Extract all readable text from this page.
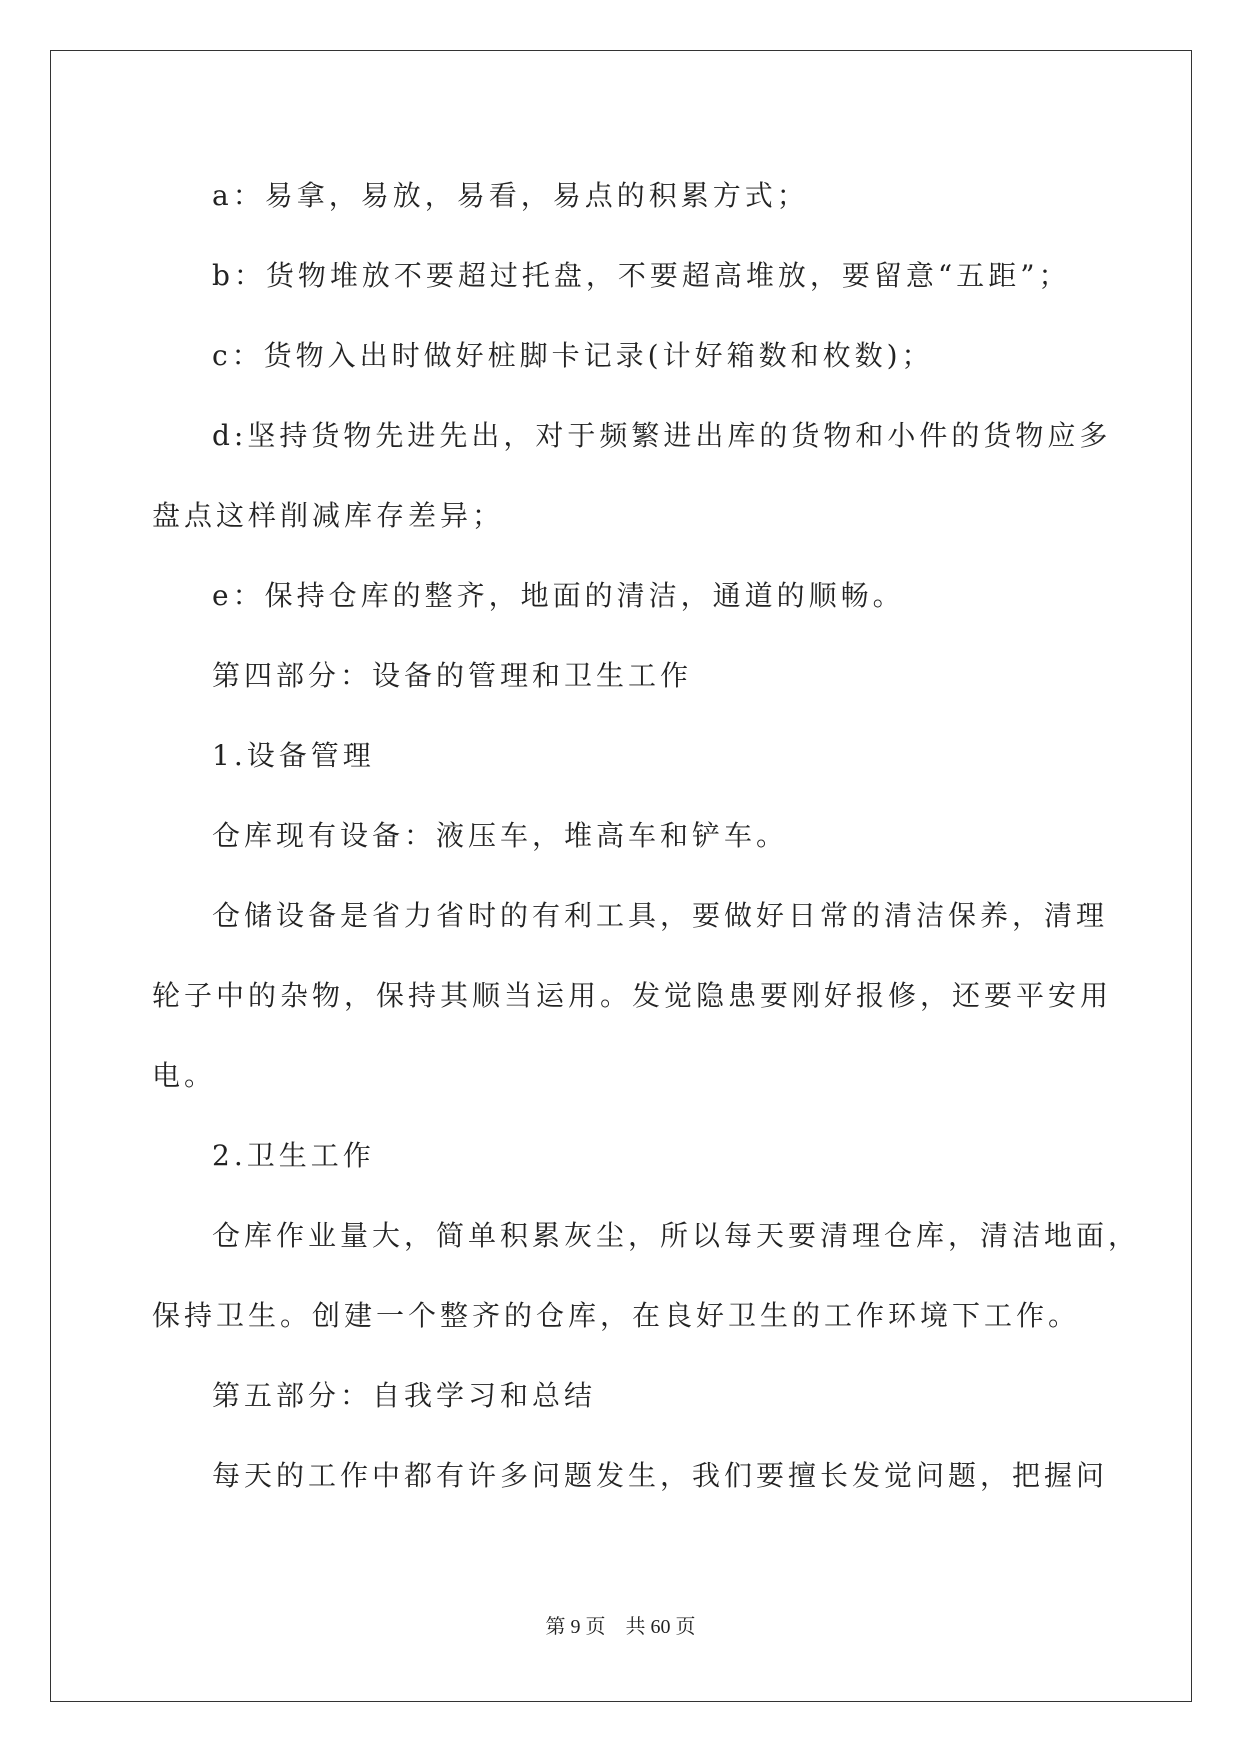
a：易拿，易放，易看，易点的积累方式；
b：货物堆放不要超过托盘，不要超高堆放，要留意“五距”；
c：货物入出时做好桩脚卡记录(计好箱数和枚数)；
d:坚持货物先进先出，对于频繁进出库的货物和小件的货物应多
盘点这样削减库存差异；
e：保持仓库的整齐，地面的清洁，通道的顺畅。
第四部分：设备的管理和卫生工作
1.设备管理
仓库现有设备：液压车，堆高车和铲车。
仓储设备是省力省时的有利工具，要做好日常的清洁保养，清理
轮子中的杂物，保持其顺当运用。发觉隐患要刚好报修，还要平安用
电。
2.卫生工作
仓库作业量大，简单积累灰尘，所以每天要清理仓库，清洁地面，
保持卫生。创建一个整齐的仓库，在良好卫生的工作环境下工作。
第五部分：自我学习和总结
每天的工作中都有许多问题发生，我们要擅长发觉问题，把握问
第 9 页 共 60 页
